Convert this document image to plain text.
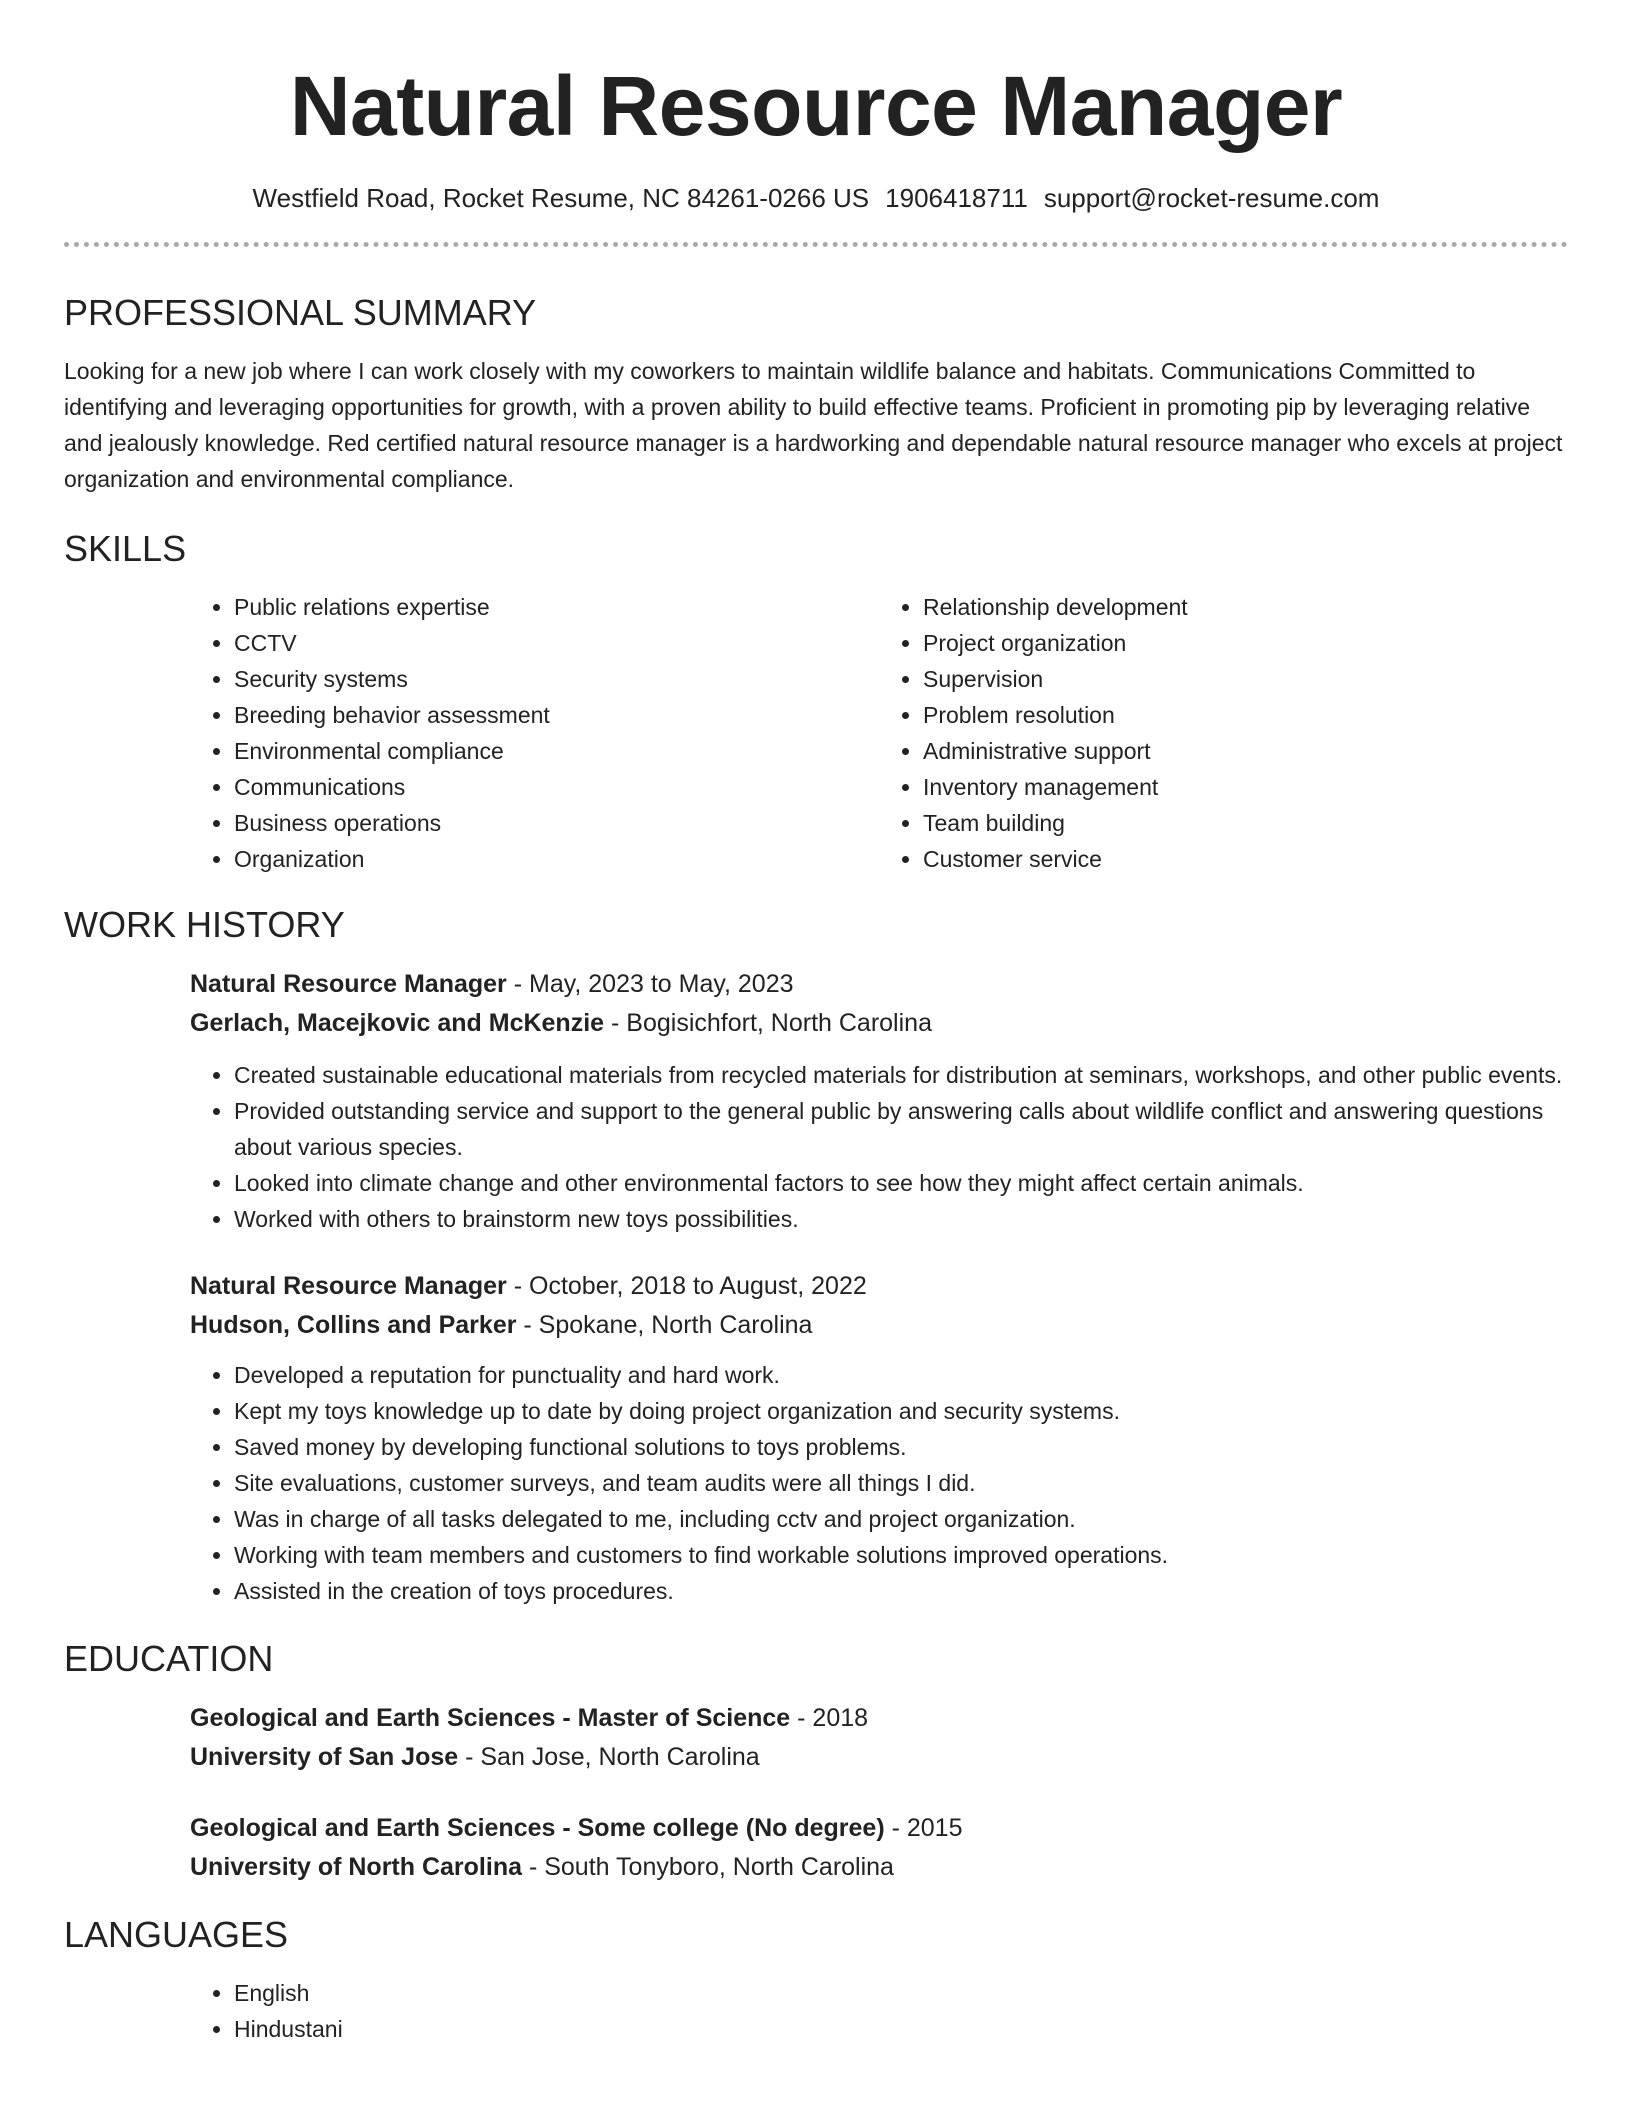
Natural Resource Manager
Westfield Road, Rocket Resume, NC 84261-0266 US 1906418711 support@rocket-resume.com
PROFESSIONAL SUMMARY

Looking for a new job where I can work closely with my coworkers to maintain wildlife balance and habitats. Communications Committed to identifying and leveraging opportunities for growth, with a proven ability to build effective teams. Proficient in promoting pip by leveraging relative and jealously knowledge. Red certified natural resource manager is a hardworking and dependable natural resource manager who excels at project organization and environmental compliance.

SKILLS
• Public relations expertise
• CCTV
• Security systems
• Breeding behavior assessment
• Environmental compliance
• Communications
• Business operations
• Organization
• Relationship development
• Project organization
• Supervision
• Problem resolution
• Administrative support
• Inventory management
• Team building
• Customer service
WORK HISTORY
Natural Resource Manager - May, 2023 to May, 2023
Gerlach, Macejkovic and McKenzie - Bogisichfort, North Carolina
• Created sustainable educational materials from recycled materials for distribution at seminars, workshops, and other public events.
• Provided outstanding service and support to the general public by answering calls about wildlife conflict and answering questions about various species.
• Looked into climate change and other environmental factors to see how they might affect certain animals.
• Worked with others to brainstorm new toys possibilities.
Natural Resource Manager - October, 2018 to August, 2022
Hudson, Collins and Parker - Spokane, North Carolina
• Developed a reputation for punctuality and hard work.
• Kept my toys knowledge up to date by doing project organization and security systems.
• Saved money by developing functional solutions to toys problems.
• Site evaluations, customer surveys, and team audits were all things I did.
• Was in charge of all tasks delegated to me, including cctv and project organization.
• Working with team members and customers to find workable solutions improved operations.
• Assisted in the creation of toys procedures.
EDUCATION
Geological and Earth Sciences - Master of Science - 2018
University of San Jose - San Jose, North Carolina
Geological and Earth Sciences - Some college (No degree) - 2015
University of North Carolina - South Tonyboro, North Carolina
LANGUAGES
• English
• Hindustani
